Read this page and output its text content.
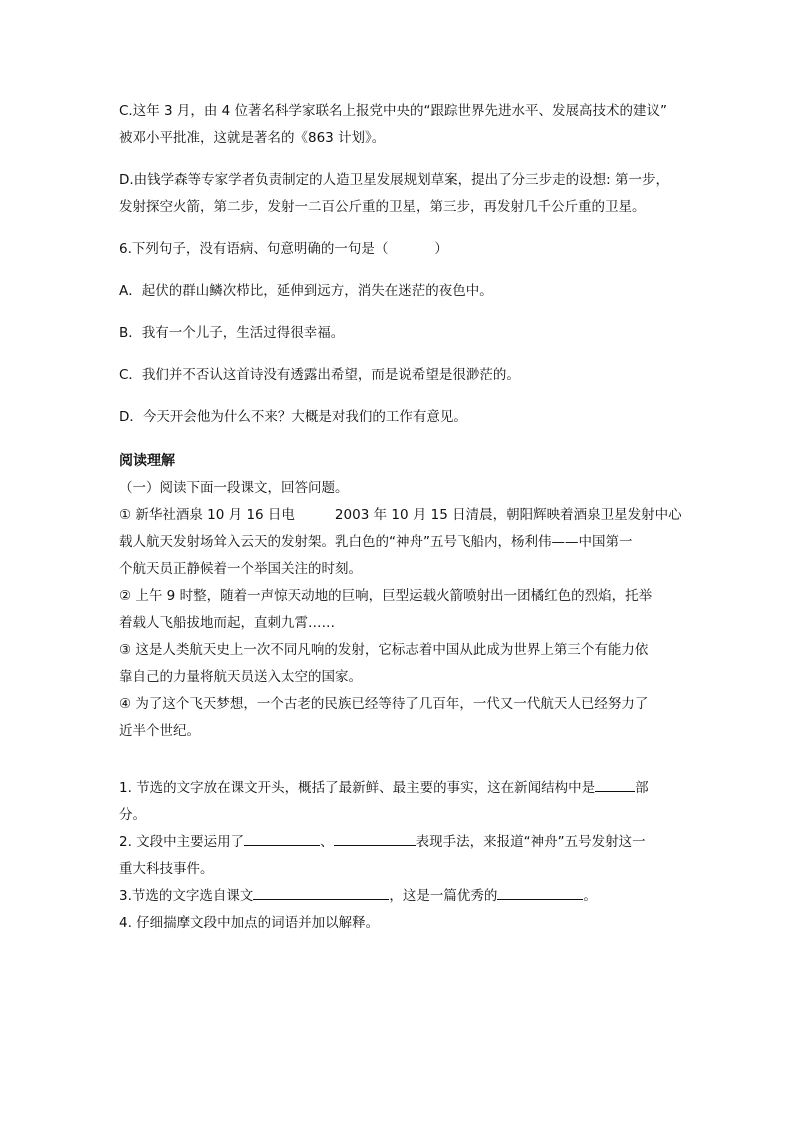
C.这年 3 月，由 4 位著名科学家联名上报党中央的“跟踪世界先进水平、发展高技术的建议”
被邓小平批准，这就是著名的《863 计划》。
D.由钱学森等专家学者负责制定的人造卫星发展规划草案，提出了分三步走的设想: 第一步，
发射探空火箭，第二步，发射一二百公斤重的卫星，第三步，再发射几千公斤重的卫星。
6.下列句子，没有语病、句意明确的一句是（	）
A．起伏的群山鳞次栉比，延伸到远方，消失在迷茫的夜色中。
B．我有一个儿子，生活过得很幸福。
C．我们并不否认这首诗没有透露出希望，而是说希望是很渺茫的。
D．今天开会他为什么不来？大概是对我们的工作有意见。
阅读理解
（一）阅读下面一段课文，回答问题。
① 新华社酒泉 10 月 16 日电	2003 年 10 月 15 日清晨，朝阳辉映着酒泉卫星发射中心
载人航天发射场耸入云天的发射架。乳白色的“神舟”五号飞船内，杨利伟——中国第一
个航天员正静候着一个举国关注的时刻。
② 上午 9 时整，随着一声惊天动地的巨响，巨型运载火箭喷射出一团橘红色的烈焰，托举
着载人飞船拔地而起，直刺九霄……
③ 这是人类航天史上一次不同凡响的发射，它标志着中国从此成为世界上第三个有能力依
靠自己的力量将航天员送入太空的国家。
④ 为了这个飞天梦想，一个古老的民族已经等待了几百年，一代又一代航天人已经努力了
近半个世纪。
1. 节选的文字放在课文开头，概括了最新鲜、最主要的事实，这在新闻结构中是	部
分。
2. 文段中主要运用了	、	表现手法，来报道“神舟”五号发射这一
重大科技事件。
3.节选的文字选自课文	，这是一篇优秀的	。
4. 仔细揣摩文段中加点的词语并加以解释。
